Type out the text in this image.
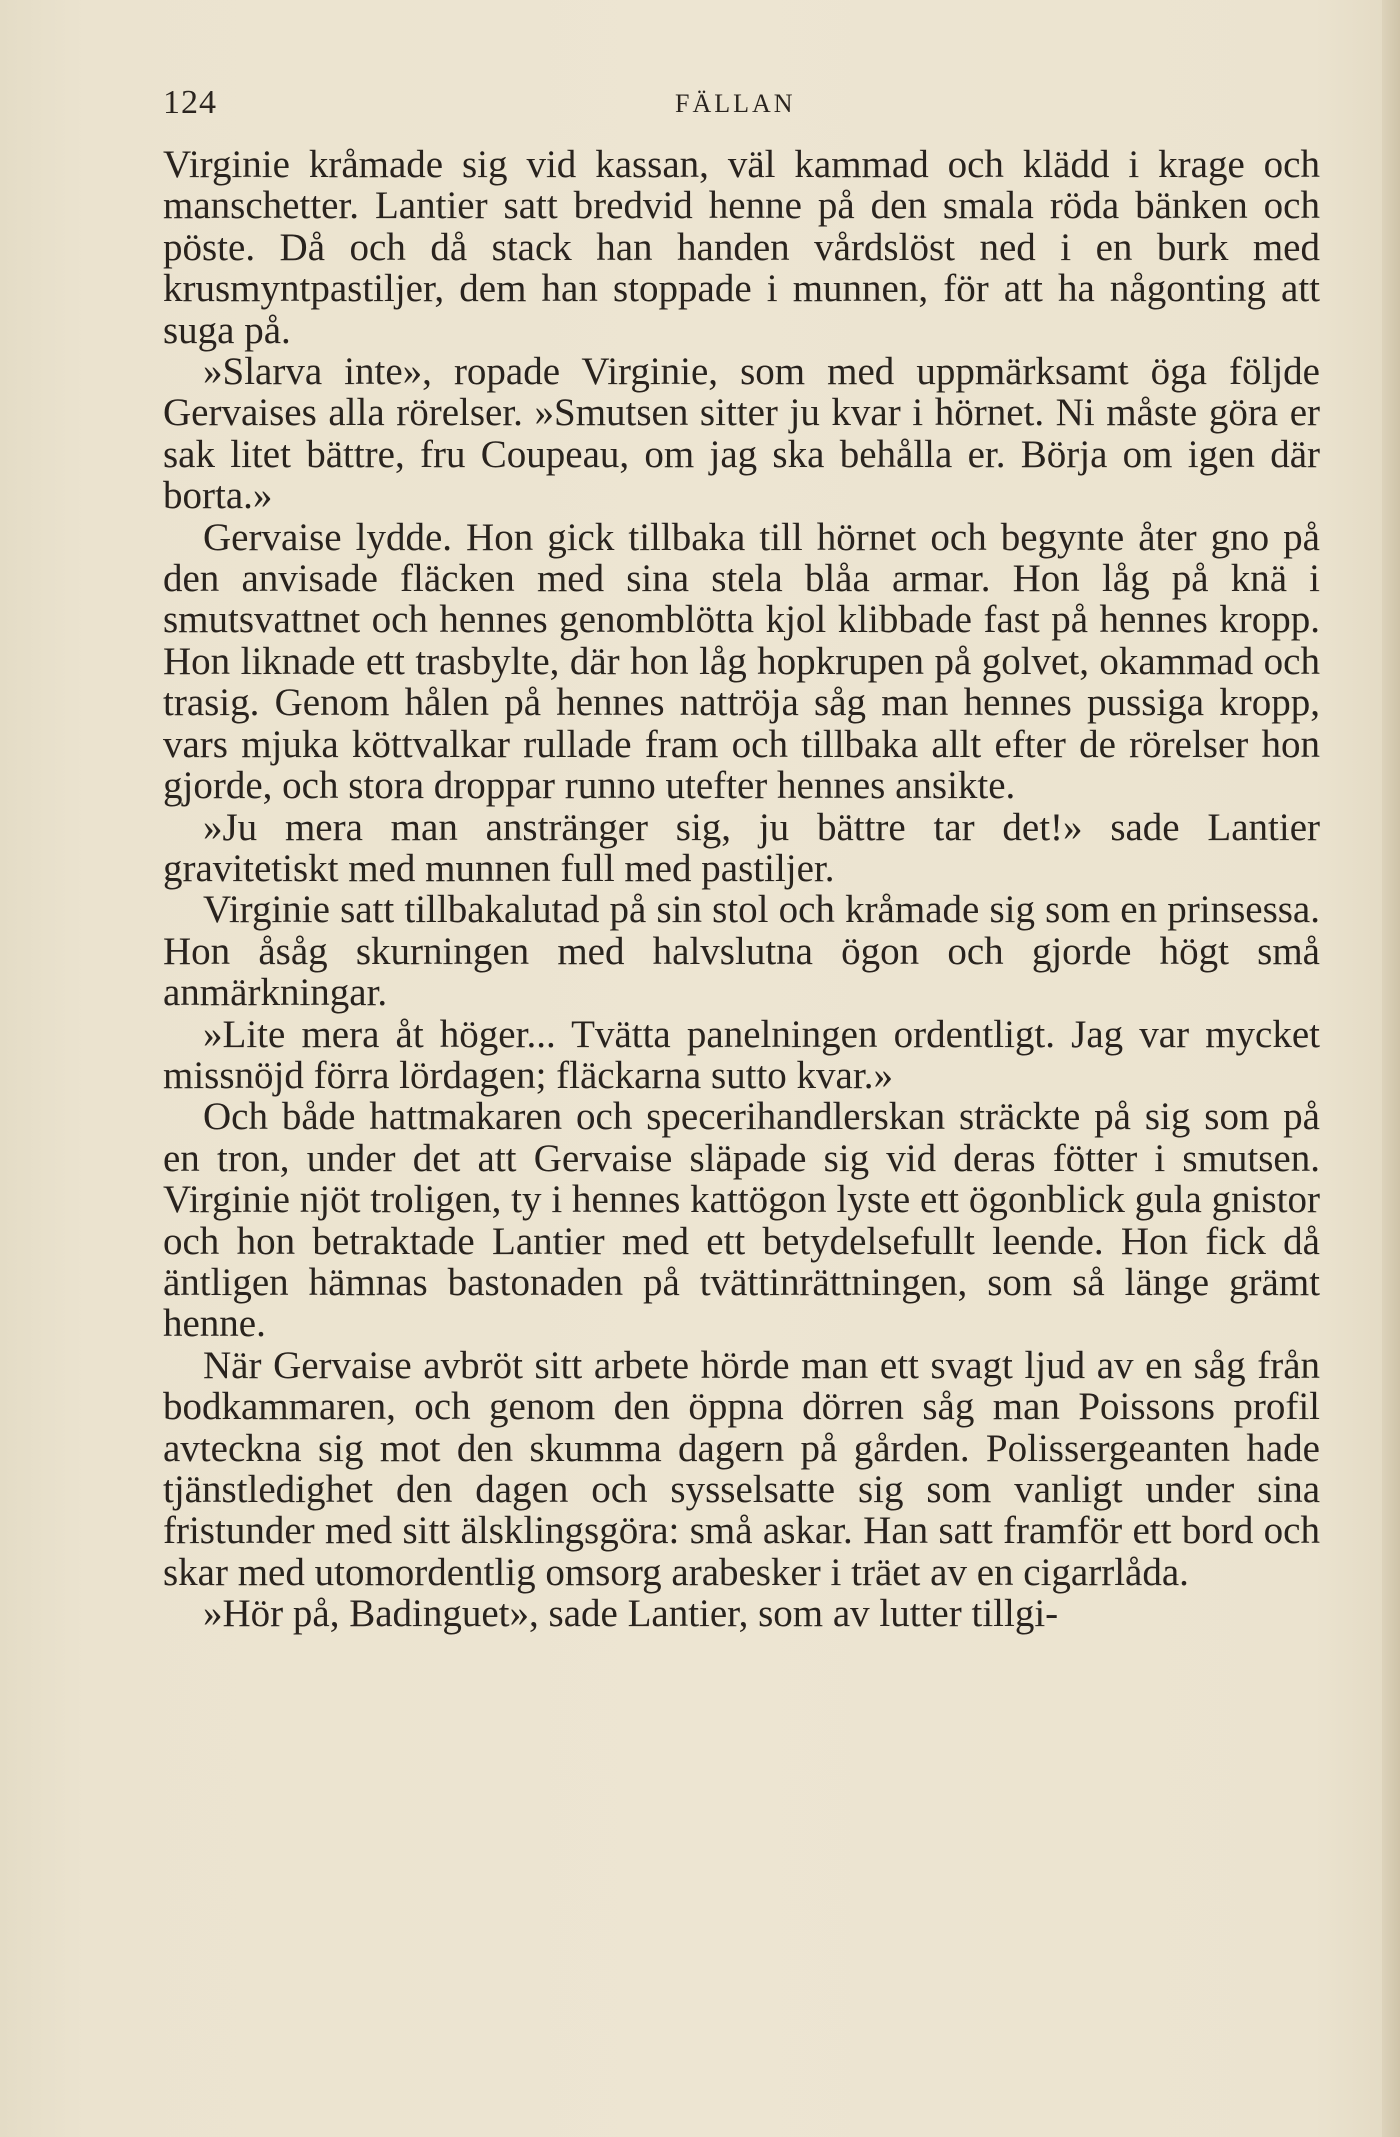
124	FÄLLAN

Virginie kråmade sig vid kassan, väl kammad och klädd i krage och manschetter. Lantier satt bredvid henne på den smala röda bänken och pöste. Då och då stack han handen vårdslöst ned i en burk med krusmyntpastiljer, dem han stoppade i munnen, för att ha någonting att suga på.

»Slarva inte», ropade Virginie, som med uppmärksamt öga följde Gervaises alla rörelser. »Smutsen sitter ju kvar i hörnet. Ni måste göra er sak litet bättre, fru Coupeau, om jag ska behålla er. Börja om igen där borta.»

Gervaise lydde. Hon gick tillbaka till hörnet och begynte åter gno på den anvisade fläcken med sina stela blåa armar. Hon låg på knä i smutsvattnet och hennes genomblötta kjol klibbade fast på hennes kropp. Hon liknade ett trasbylte, där hon låg hopkrupen på golvet, okammad och trasig. Genom hålen på hennes nattröja såg man hennes pussiga kropp, vars mjuka köttvalkar rullade fram och tillbaka allt efter de rörelser hon gjorde, och stora droppar runno utefter hennes ansikte.

»Ju mera man anstränger sig, ju bättre tar det!» sade Lantier gravitetiskt med munnen full med pastiljer.

Virginie satt tillbakalutad på sin stol och kråmade sig som en prinsessa. Hon åsåg skurningen med halvslutna ögon och gjorde högt små anmärkningar.

»Lite mera åt höger... Tvätta panelningen ordentligt. Jag var mycket missnöjd förra lördagen; fläckarna sutto kvar.»

Och både hattmakaren och specerihandlerskan sträckte på sig som på en tron, under det att Gervaise släpade sig vid deras fötter i smutsen. Virginie njöt troligen, ty i hennes kattögon lyste ett ögonblick gula gnistor och hon betraktade Lantier med ett betydelsefullt leende. Hon fick då äntligen hämnas bastonaden på tvättinrättningen, som så länge grämt henne.

När Gervaise avbröt sitt arbete hörde man ett svagt ljud av en såg från bodkammaren, och genom den öppna dörren såg man Poissons profil avteckna sig mot den skumma dagern på gården. Polissergeanten hade tjänstledighet den dagen och sysselsatte sig som vanligt under sina fristunder med sitt älsklingsgöra: små askar. Han satt framför ett bord och skar med utomordentlig omsorg arabesker i träet av en cigarrlåda.

»Hör på, Badinguet», sade Lantier, som av lutter tillgi-
